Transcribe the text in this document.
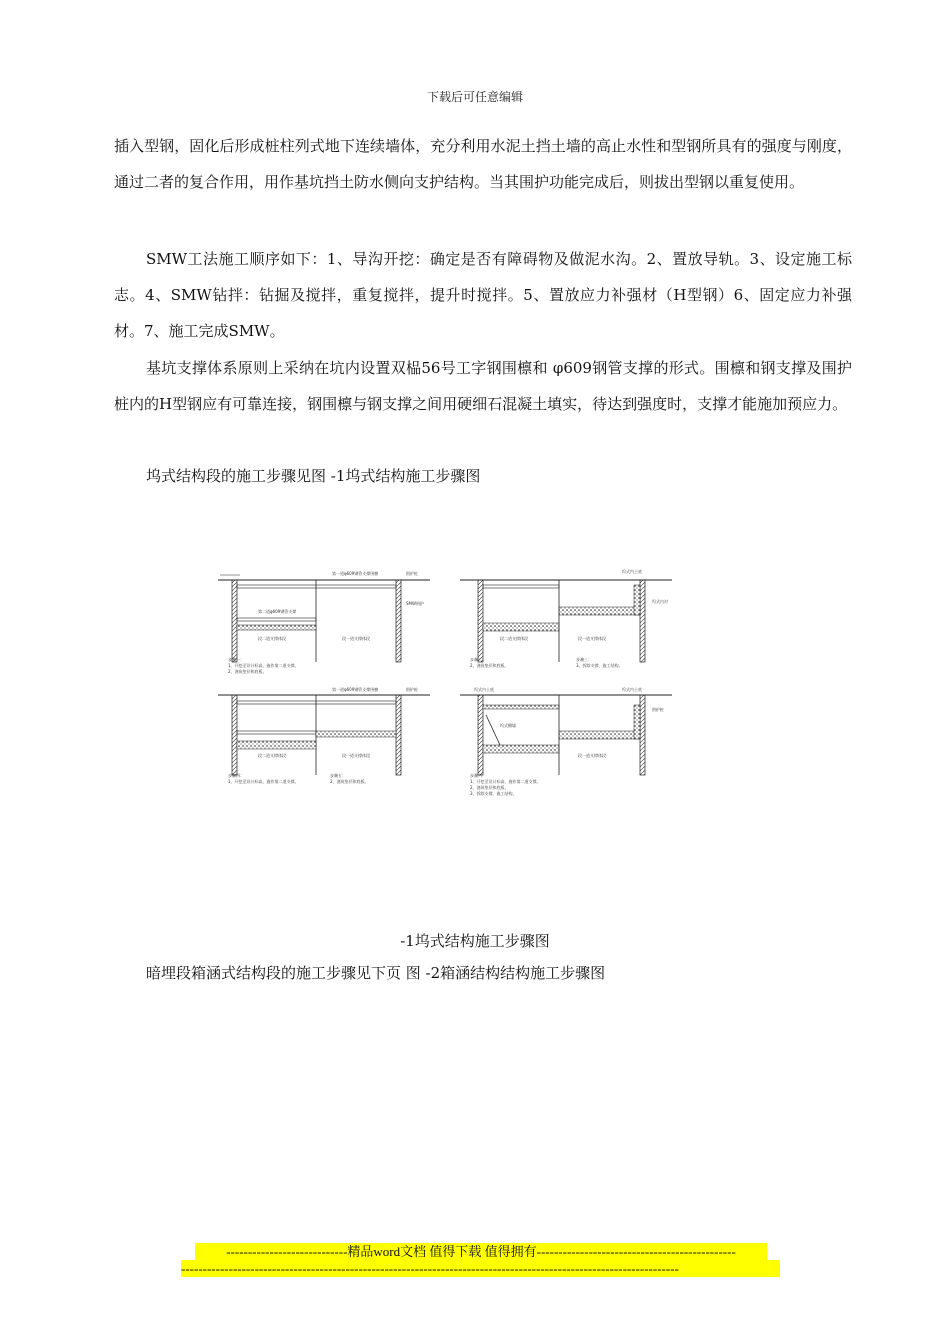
下载后可任意编辑

插入型钢，固化后形成桩柱列式地下连续墙体，充分利用水泥土挡土墙的高止水性和型钢所具有的强度与刚度，通过二者的复合作用，用作基坑挡土防水侧向支护结构。当其围护功能完成后，则拔出型钢以重复使用。

SMW工法施工顺序如下：1、导沟开挖：确定是否有障碍物及做泥水沟。2、置放导轨。3、设定施工标志。4、SMW钻拌：钻掘及搅拌，重复搅拌，提升时搅拌。5、置放应力补强材（H型钢）6、固定应力补强材。7、施工完成SMW。

基坑支撑体系原则上采纳在坑内设置双榀56号工字钢围檩和 φ609钢管支撑的形式。围檩和钢支撑及围护桩内的H型钢应有可靠连接，钢围檩与钢支撑之间用硬细石混凝土填实，待达到强度时，支撑才能施加预应力。

坞式结构段的施工步骤见图 -1坞式结构施工步骤图

第一道φ609钢管支撑围檩
第二道φ609钢管支撑
围护桩
SMW围护
段二道支撑体段	段一道支撑体段
步骤一：
1、开挖至设计标高，施作第二道支撑。
2、浇筑垫层和底板。
坞式内土底
坞式内衬
段二道支撑体段	段一道支撑体段
步骤二：
2、浇筑垫层和底板。
步骤三：
3、拆除支撑，施工结构。
第一道φ609钢管支撑围檩	围护桩
段二道支撑体段	段一道支撑体段
步骤四：
1、开挖至设计标高，施作第二道支撑。
步骤五：
2、浇筑垫层和底板。
坞式内土底	坞式内土底
坞式侧墙
围护桩
段一道支撑体段
步骤六：
1、开挖至设计标高，施作第二道支撑。
2、浇筑垫层和底板。
3、拆除支撑，施工结构。
-1坞式结构施工步骤图
暗埋段箱涵式结构段的施工步骤见下页 图 -2箱涵结构结构施工步骤图
----------------------------精品word文档 值得下载 值得拥有----------------------------------------------
-------------------------------------------------------------------------------------------------------------------
